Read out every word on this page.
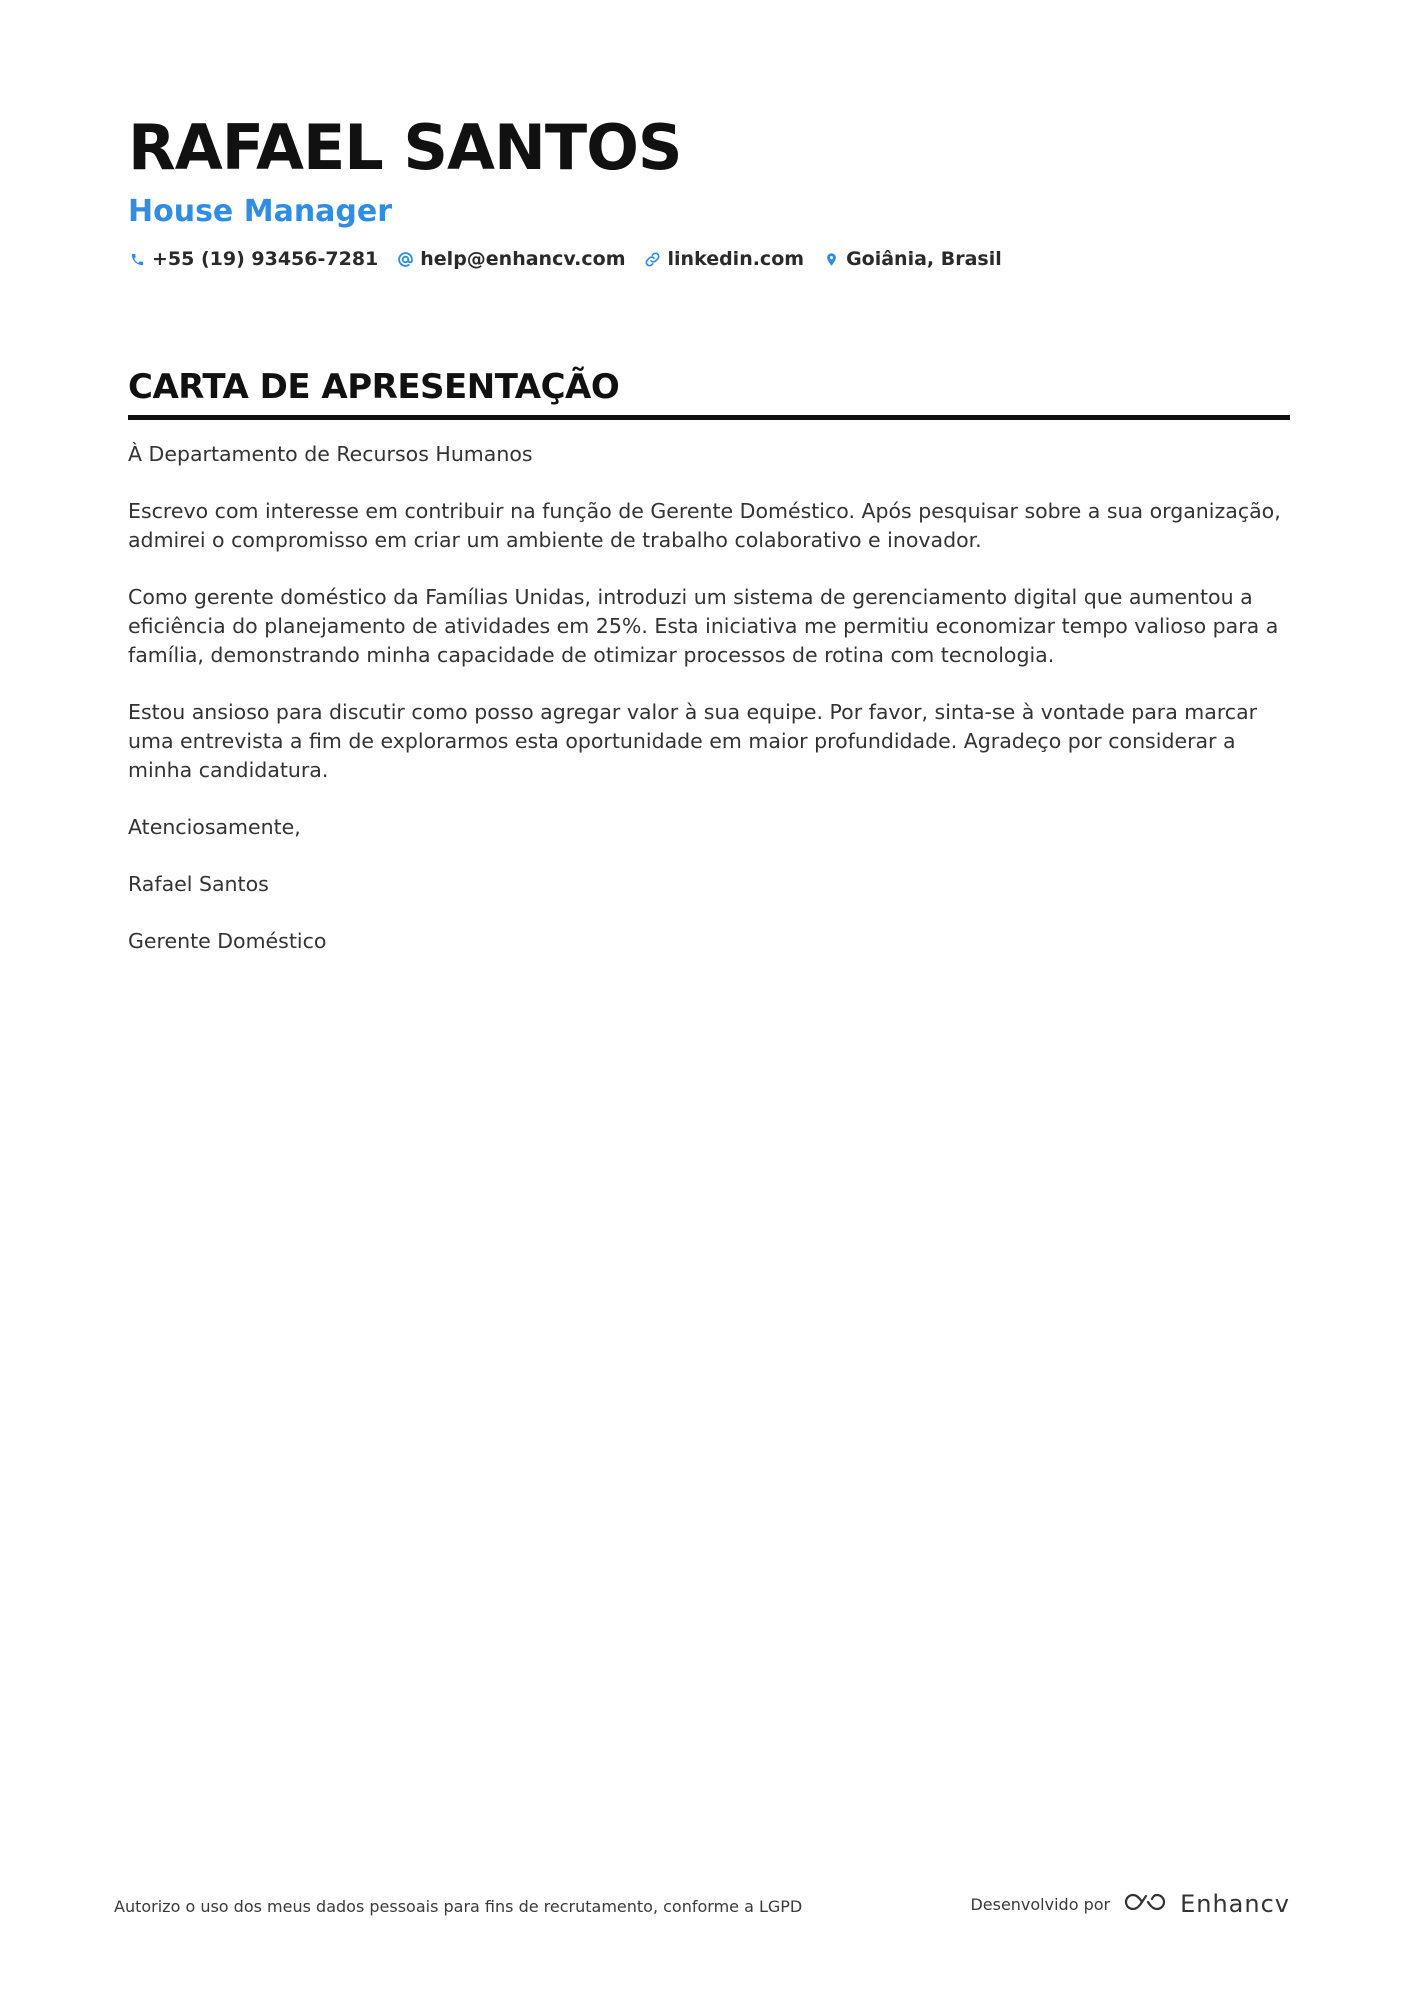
RAFAEL SANTOS
House Manager
+55 (19) 93456-7281 help@enhancv.com linkedin.com Goiânia, Brasil
CARTA DE APRESENTAÇÃO

À Departamento de Recursos Humanos

Escrevo com interesse em contribuir na função de Gerente Doméstico. Após pesquisar sobre a sua organização, admirei o compromisso em criar um ambiente de trabalho colaborativo e inovador.

Como gerente doméstico da Famílias Unidas, introduzi um sistema de gerenciamento digital que aumentou a eficiência do planejamento de atividades em 25%. Esta iniciativa me permitiu economizar tempo valioso para a família, demonstrando minha capacidade de otimizar processos de rotina com tecnologia.

Estou ansioso para discutir como posso agregar valor à sua equipe. Por favor, sinta-se à vontade para marcar uma entrevista a fim de explorarmos esta oportunidade em maior profundidade. Agradeço por considerar a minha candidatura.

Atenciosamente,

Rafael Santos

Gerente Doméstico

Autorizo o uso dos meus dados pessoais para fins de recrutamento, conforme a LGPD	Desenvolvido por	Enhancv
